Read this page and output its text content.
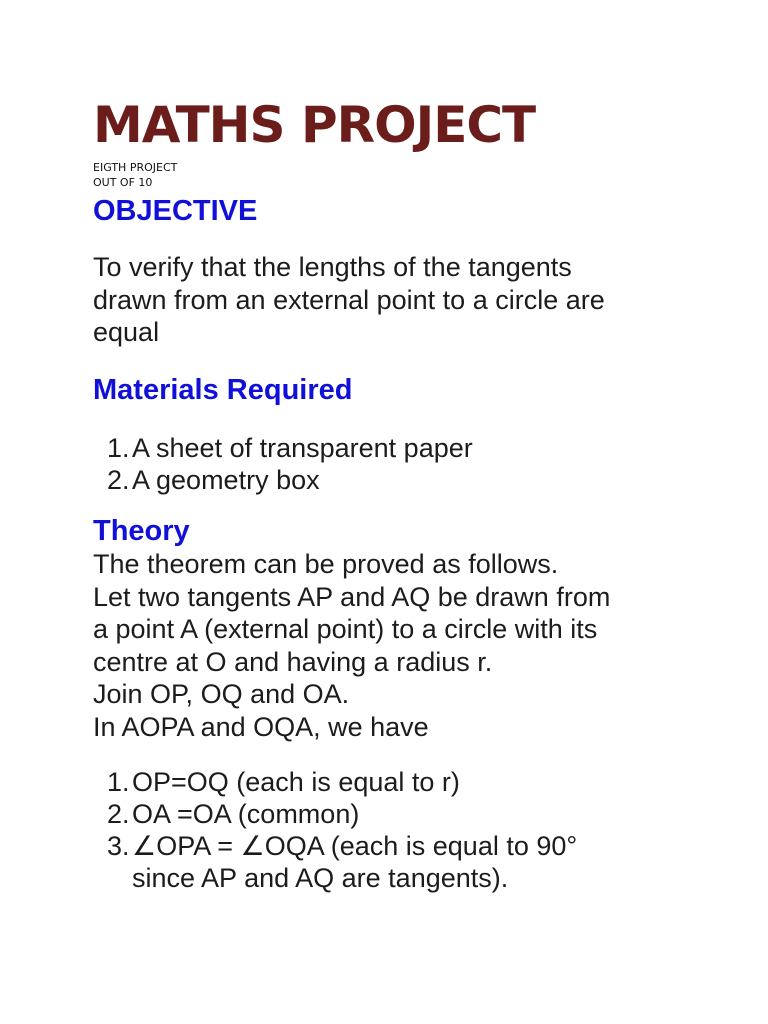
MATHS PROJECT

EIGTH PROJECT

OUT OF 10

OBJECTIVE
To verify that the lengths of the tangents
drawn from an external point to a circle are
equal
Materials Required
1. A sheet of transparent paper
2. A geometry box
Theory
The theorem can be proved as follows.
Let two tangents AP and AQ be drawn from
a point A (external point) to a circle with its
centre at O and having a radius r.
Join OP, OQ and OA.
In AOPA and OQA, we have
1. OP=OQ (each is equal to r)
2. OA =OA (common)
3. ∠OPA = ∠OQA (each is equal to 90°
since AP and AQ are tangents).
